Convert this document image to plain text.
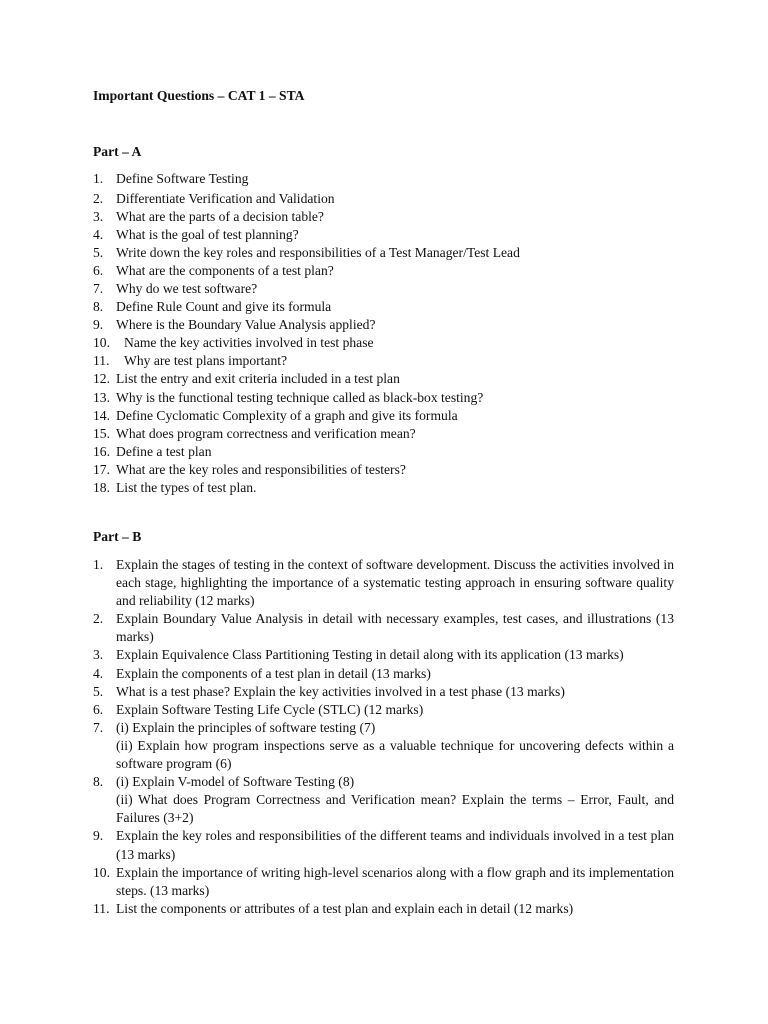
Important Questions – CAT 1 – STA
Part – A
1. Define Software Testing
2. Differentiate Verification and Validation
3. What are the parts of a decision table?
4. What is the goal of test planning?
5. Write down the key roles and responsibilities of a Test Manager/Test Lead
6. What are the components of a test plan?
7. Why do we test software?
8. Define Rule Count and give its formula
9. Where is the Boundary Value Analysis applied?
10.	Name the key activities involved in test phase
11.	Why are test plans important?
12. List the entry and exit criteria included in a test plan
13. Why is the functional testing technique called as black-box testing?
14. Define Cyclomatic Complexity of a graph and give its formula
15. What does program correctness and verification mean?
16. Define a test plan
17. What are the key roles and responsibilities of testers?
18. List the types of test plan.
Part – B
1. Explain the stages of testing in the context of software development. Discuss the activities involved in each stage, highlighting the importance of a systematic testing approach in ensuring software quality and reliability (12 marks)
2. Explain Boundary Value Analysis in detail with necessary examples, test cases, and illustrations (13 marks)
3. Explain Equivalence Class Partitioning Testing in detail along with its application (13 marks)
4. Explain the components of a test plan in detail (13 marks)
5. What is a test phase? Explain the key activities involved in a test phase (13 marks)
6. Explain Software Testing Life Cycle (STLC) (12 marks)
7. (i) Explain the principles of software testing (7)
(ii) Explain how program inspections serve as a valuable technique for uncovering defects within a software program (6)
8. (i) Explain V-model of Software Testing (8)
(ii) What does Program Correctness and Verification mean? Explain the terms – Error, Fault, and Failures (3+2)
9. Explain the key roles and responsibilities of the different teams and individuals involved in a test plan (13 marks)
10. Explain the importance of writing high-level scenarios along with a flow graph and its implementation steps. (13 marks)
11. List the components or attributes of a test plan and explain each in detail (12 marks)
